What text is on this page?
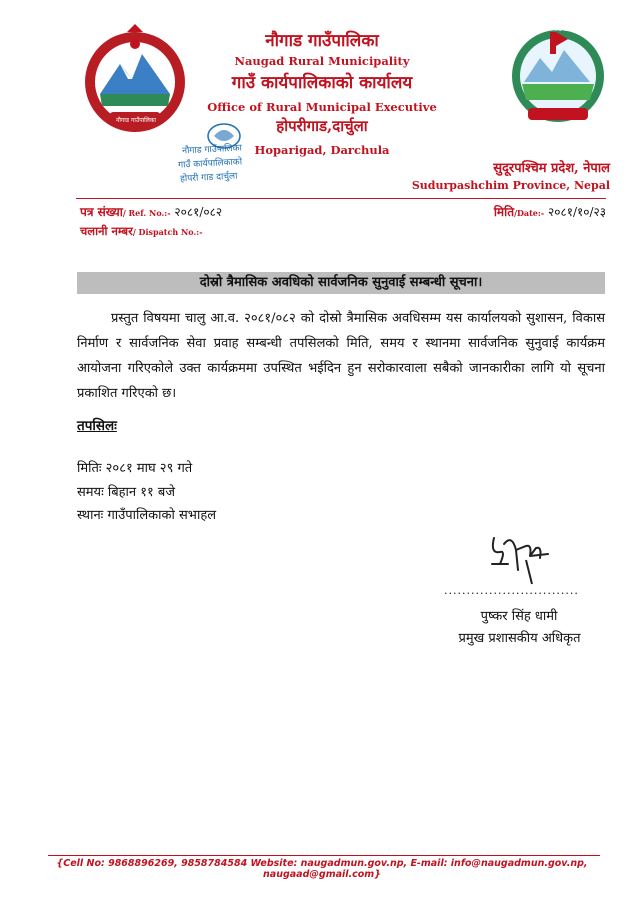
नौगाड गाउँपालिका
नौगाड गाउँपालिका
गाउँ कार्यपालिकाको
होपरी गाड दार्चुला
नौगाड गाउँपालिका
नौगाड गाउँपालिका
Naugad Rural Municipality
गाउँ कार्यपालिकाको कार्यालय
Office of Rural Municipal Executive
होपरीगाड,दार्चुला
Hoparigad, Darchula
सुदूरपश्चिम प्रदेश, नेपाल
Sudurpashchim Province, Nepal
पत्र संख्या/ Ref. No.:- २०८१/०८२	मिति/Date:- २०८१/१०/२३
चलानी नम्बर/ Dispatch No.:-
दोस्रो त्रैमासिक अवधिको सार्वजनिक सुनुवाई सम्बन्धी सूचना।
प्रस्तुत विषयमा चालु आ.व. २०८१/०८२ को दोस्रो त्रैमासिक अवधिसम्म यस कार्यालयको सुशासन, विकास निर्माण र सार्वजनिक सेवा प्रवाह सम्बन्धी तपसिलको मिति, समय र स्थानमा सार्वजनिक सुनुवाई कार्यक्रम आयोजना गरिएकोले उक्त कार्यक्रममा उपस्थित भईदिन हुन सरोकारवाला सबैको जानकारीका लागि यो सूचना प्रकाशित गरिएको छ।
तपसिलः
मितिः २०८१ माघ २९ गते
समयः बिहान ११ बजे
स्थानः गाउँपालिकाको सभाहल
..............................
पुष्कर सिंह धामी
प्रमुख प्रशासकीय अधिकृत
{Cell No: 9868896269, 9858784584 Website: naugadmun.gov.np, E-mail: info@naugadmun.gov.np, naugaad@gmail.com}
